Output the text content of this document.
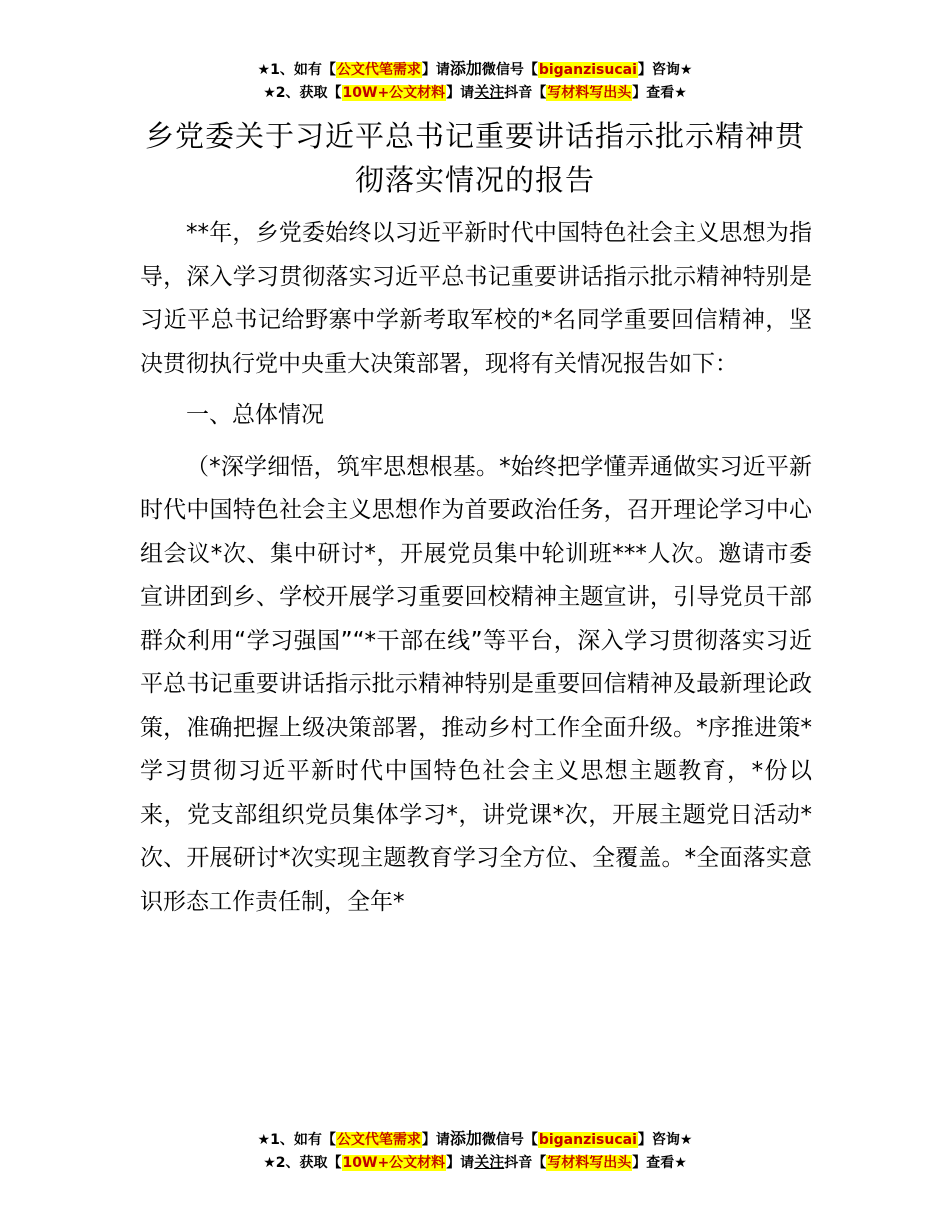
★1、如有【公文代笔需求】请添加微信号【biganzisucai】咨询★
★2、获取【10W+公文材料】请关注抖音【写材料写出头】查看★
乡党委关于习近平总书记重要讲话指示批示精神贯彻落实情况的报告

**年，乡党委始终以习近平新时代中国特色社会主义思想为指导，深入学习贯彻落实习近平总书记重要讲话指示批示精神特别是习近平总书记给野寨中学新考取军校的*名同学重要回信精神，坚决贯彻执行党中央重大决策部署，现将有关情况报告如下：

一、总体情况

（*深学细悟，筑牢思想根基。*始终把学懂弄通做实习近平新时代中国特色社会主义思想作为首要政治任务，召开理论学习中心组会议*次、集中研讨*，开展党员集中轮训班***人次。邀请市委宣讲团到乡、学校开展学习重要回校精神主题宣讲，引导党员干部群众利用“学习强国”“*干部在线”等平台，深入学习贯彻落实习近平总书记重要讲话指示批示精神特别是重要回信精神及最新理论政策，准确把握上级决策部署，推动乡村工作全面升级。*序推进策*学习贯彻习近平新时代中国特色社会主义思想主题教育，*份以来，党支部组织党员集体学习*，讲党课*次，开展主题党日活动*次、开展研讨*次实现主题教育学习全方位、全覆盖。*全面落实意识形态工作责任制，全年*

★1、如有【公文代笔需求】请添加微信号【biganzisucai】咨询★
★2、获取【10W+公文材料】请关注抖音【写材料写出头】查看★
